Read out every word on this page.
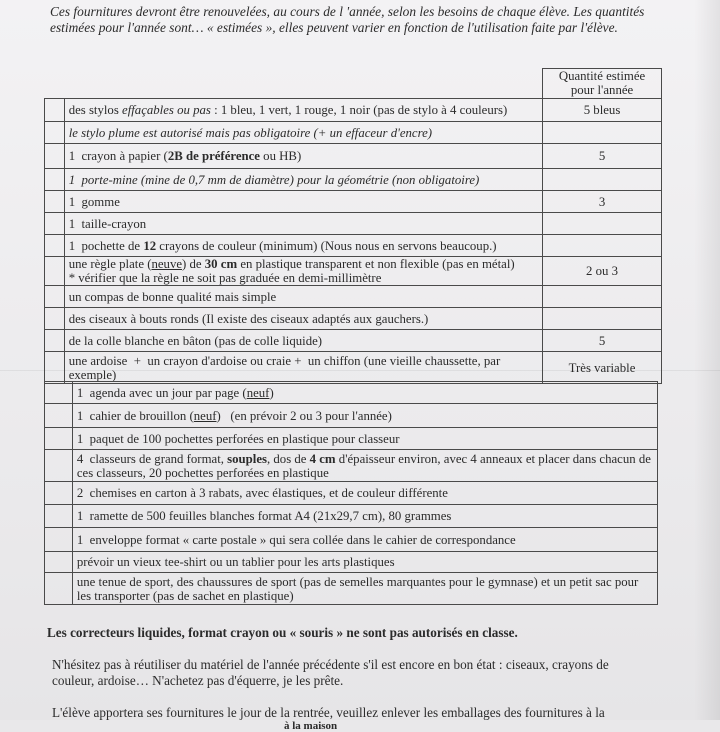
Ces fournitures devront être renouvelées, au cours de l 'année, selon les besoins de chaque élève. Les quantités
estimées pour l'année sont… « estimées », elles peuvent varier en fonction de l'utilisation faite par l'élève.

		Quantité estimée pour l'année

	des stylos effaçables ou pas : 1 bleu, 1 vert, 1 rouge, 1 noir (pas de stylo à 4 couleurs)	5 bleus
	le stylo plume est autorisé mais pas obligatoire (+ un effaceur d'encre)	
	1  crayon à papier (2B de préférence ou HB)	5
	1  porte-mine (mine de 0,7 mm de diamètre) pour la géométrie (non obligatoire)	
	1  gomme	3
	1  taille-crayon	
	1  pochette de 12 crayons de couleur (minimum) (Nous nous en servons beaucoup.)	
	une règle plate (neuve) de 30 cm en plastique transparent et non flexible (pas en métal)
* vérifier que la règle ne soit pas graduée en demi-millimètre	2 ou 3
	un compas de bonne qualité mais simple	
	des ciseaux à bouts ronds (Il existe des ciseaux adaptés aux gauchers.)	
	de la colle blanche en bâton (pas de colle liquide)	5
	une ardoise  +  un crayon d'ardoise ou craie +  un chiffon (une vieille chaussette, par exemple)	Très variable
	1  agenda avec un jour par page (neuf)
	1  cahier de brouillon (neuf)   (en prévoir 2 ou 3 pour l'année)
	1  paquet de 100 pochettes perforées en plastique pour classeur
	4  classeurs de grand format, souples, dos de 4 cm d'épaisseur environ, avec 4 anneaux et placer dans chacun de ces classeurs, 20 pochettes perforées en plastique
	2  chemises en carton à 3 rabats, avec élastiques, et de couleur différente
	1  ramette de 500 feuilles blanches format A4 (21x29,7 cm), 80 grammes
	1  enveloppe format « carte postale » qui sera collée dans le cahier de correspondance
	prévoir un vieux tee-shirt ou un tablier pour les arts plastiques
	une tenue de sport, des chaussures de sport (pas de semelles marquantes pour le gymnase) et un petit sac pour les transporter (pas de sachet en plastique)
Les correcteurs liquides, format crayon ou « souris » ne sont pas autorisés en classe.
N'hésitez pas à réutiliser du matériel de l'année précédente s'il est encore en bon état : ciseaux, crayons de couleur, ardoise… N'achetez pas d'équerre, je les prête.
L'élève apportera ses fournitures le jour de la rentrée, veuillez enlever les emballages des fournitures à la
à la maison
